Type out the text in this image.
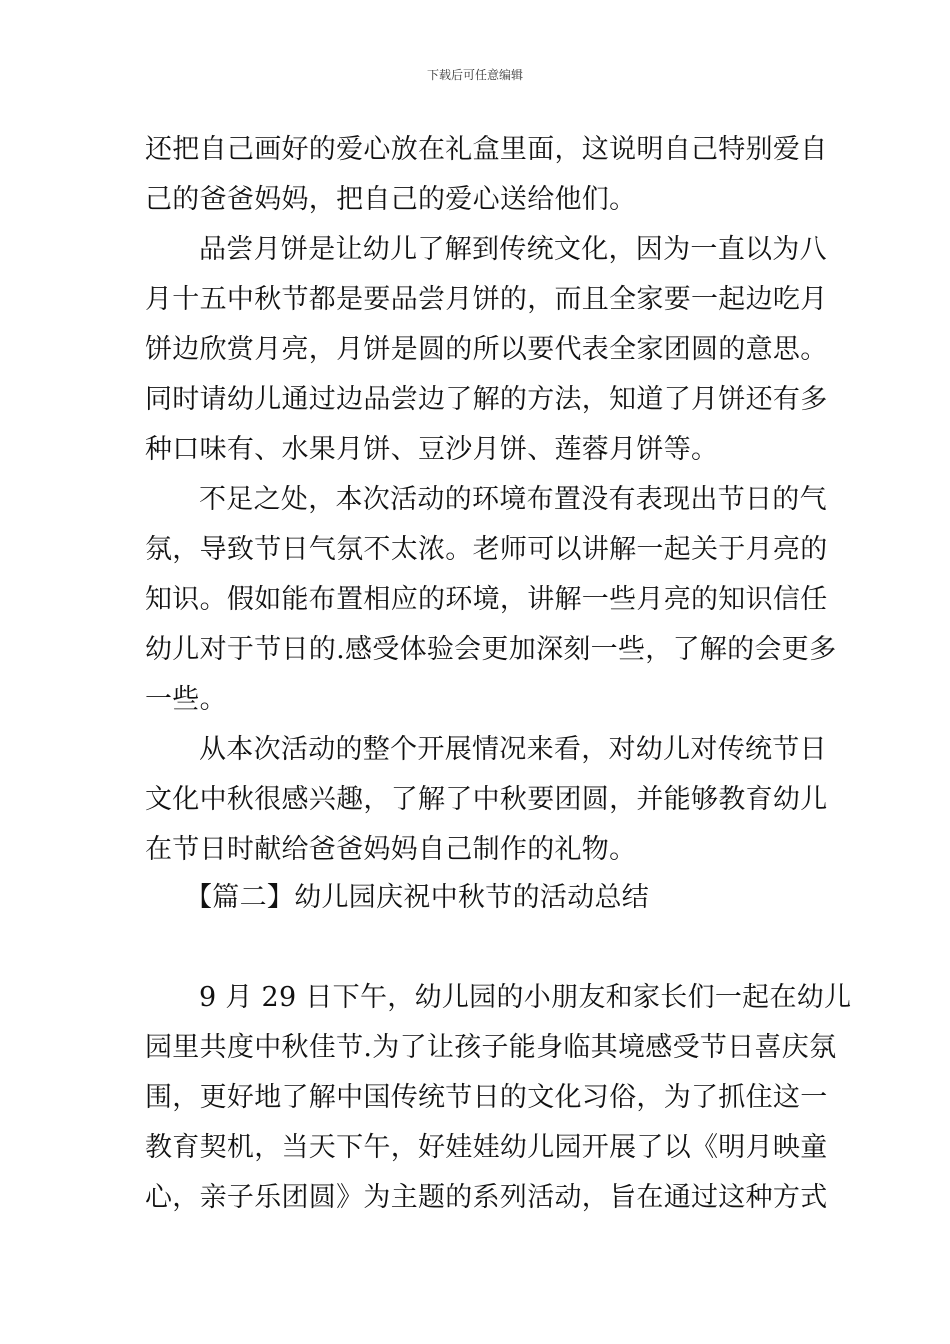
下载后可任意编辑
还把自己画好的爱心放在礼盒里面，这说明自己特别爱自
己的爸爸妈妈，把自己的爱心送给他们。
品尝月饼是让幼儿了解到传统文化，因为一直以为八
月十五中秋节都是要品尝月饼的，而且全家要一起边吃月
饼边欣赏月亮，月饼是圆的所以要代表全家团圆的意思。
同时请幼儿通过边品尝边了解的方法，知道了月饼还有多
种口味有、水果月饼、豆沙月饼、莲蓉月饼等。
不足之处，本次活动的环境布置没有表现出节日的气
氛，导致节日气氛不太浓。老师可以讲解一起关于月亮的
知识。假如能布置相应的环境，讲解一些月亮的知识信任
幼儿对于节日的.感受体验会更加深刻一些，了解的会更多
一些。
从本次活动的整个开展情况来看，对幼儿对传统节日
文化中秋很感兴趣，了解了中秋要团圆，并能够教育幼儿
在节日时献给爸爸妈妈自己制作的礼物。
【篇二】幼儿园庆祝中秋节的活动总结
9 月 29 日下午，幼儿园的小朋友和家长们一起在幼儿
园里共度中秋佳节.为了让孩子能身临其境感受节日喜庆氛
围，更好地了解中国传统节日的文化习俗，为了抓住这一
教育契机，当天下午，好娃娃幼儿园开展了以《明月映童
心，亲子乐团圆》为主题的系列活动，旨在通过这种方式
